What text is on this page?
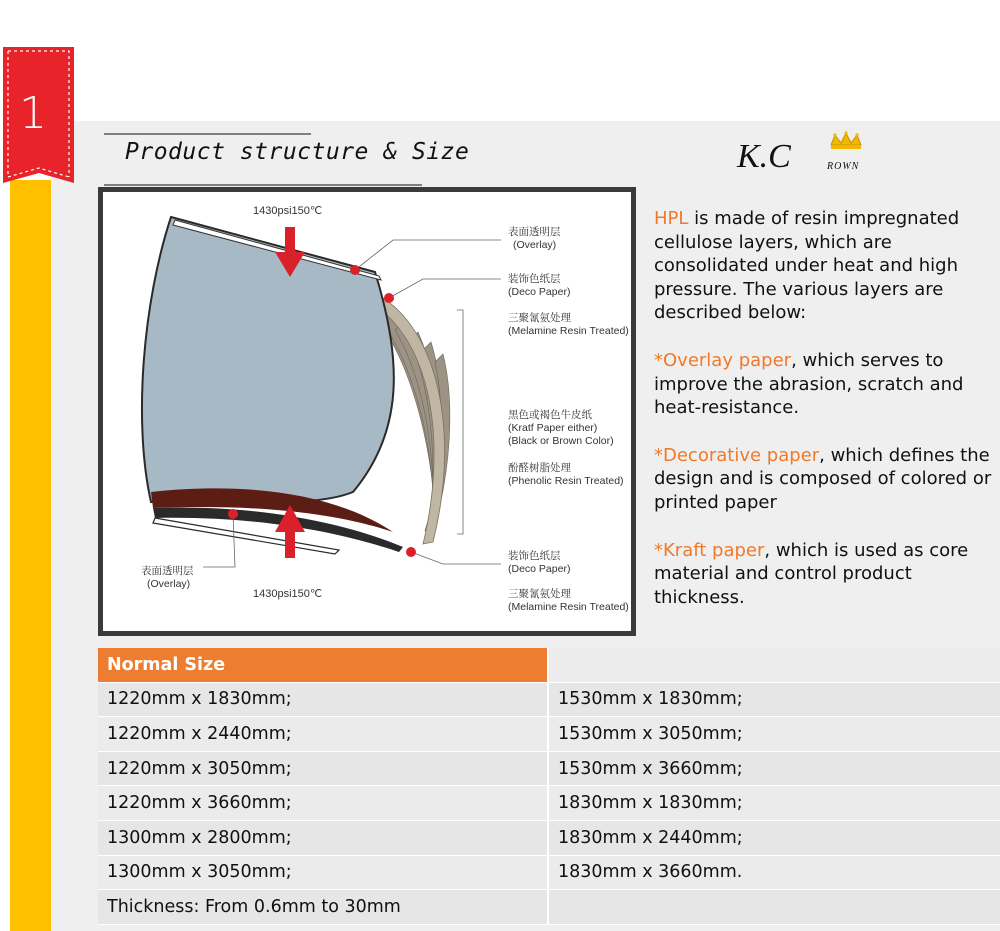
1
Product structure & Size	K.C	ROWN
1430psi150℃
1430psi150℃
表面透明层
(Overlay)
装饰色纸层
(Deco Paper)
三聚氰氨处理
(Melamine Resin Treated)
黑色或褐色牛皮纸
(Kratf Paper either)
(Black or Brown Color)
酚醛树脂处理
(Phenolic Resin Treated)
装饰色纸层
(Deco Paper)
三聚氰氨处理
(Melamine Resin Treated)
表面透明层
(Overlay)

HPL is made of resin impregnated cellulose layers, which are consolidated under heat and high pressure. The various layers are described below:

*Overlay paper, which serves to improve the abrasion, scratch and heat-resistance.

*Decorative paper, which defines the design and is composed of colored or printed paper

*Kraft paper, which is used as core material and control product thickness.

Normal Size
1220mm x 1830mm;	1530mm x 1830mm;
1220mm x 2440mm;	1530mm x 3050mm;
1220mm x 3050mm;	1530mm x 3660mm;
1220mm x 3660mm;	1830mm x 1830mm;
1300mm x 2800mm;	1830mm x 2440mm;
1300mm x 3050mm;	1830mm x 3660mm.
Thickness: From 0.6mm to 30mm
